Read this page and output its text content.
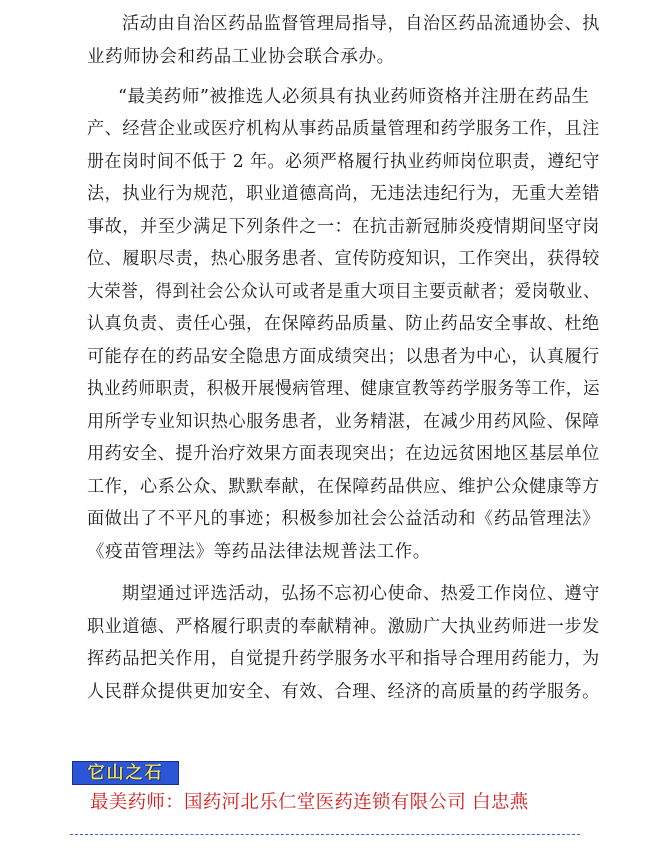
活动由自治区药品监督管理局指导，自治区药品流通协会、执
业药师协会和药品工业协会联合承办。
“最美药师”被推选人必须具有执业药师资格并注册在药品生
产、经营企业或医疗机构从事药品质量管理和药学服务工作，且注
册在岗时间不低于 2 年。必须严格履行执业药师岗位职责，遵纪守
法，执业行为规范，职业道德高尚，无违法违纪行为，无重大差错
事故，并至少满足下列条件之一：在抗击新冠肺炎疫情期间坚守岗
位、履职尽责，热心服务患者、宣传防疫知识，工作突出，获得较
大荣誉，得到社会公众认可或者是重大项目主要贡献者；爱岗敬业、
认真负责、责任心强，在保障药品质量、防止药品安全事故、杜绝
可能存在的药品安全隐患方面成绩突出；以患者为中心，认真履行
执业药师职责，积极开展慢病管理、健康宣教等药学服务等工作，运
用所学专业知识热心服务患者，业务精湛，在减少用药风险、保障
用药安全、提升治疗效果方面表现突出；在边远贫困地区基层单位
工作，心系公众、默默奉献，在保障药品供应、维护公众健康等方
面做出了不平凡的事迹；积极参加社会公益活动和《药品管理法》
《疫苗管理法》等药品法律法规普法工作。
期望通过评选活动，弘扬不忘初心使命、热爱工作岗位、遵守
职业道德、严格履行职责的奉献精神。激励广大执业药师进一步发
挥药品把关作用，自觉提升药学服务水平和指导合理用药能力，为
人民群众提供更加安全、有效、合理、经济的高质量的药学服务。
它山之石
最美药师：国药河北乐仁堂医药连锁有限公司 白忠燕
